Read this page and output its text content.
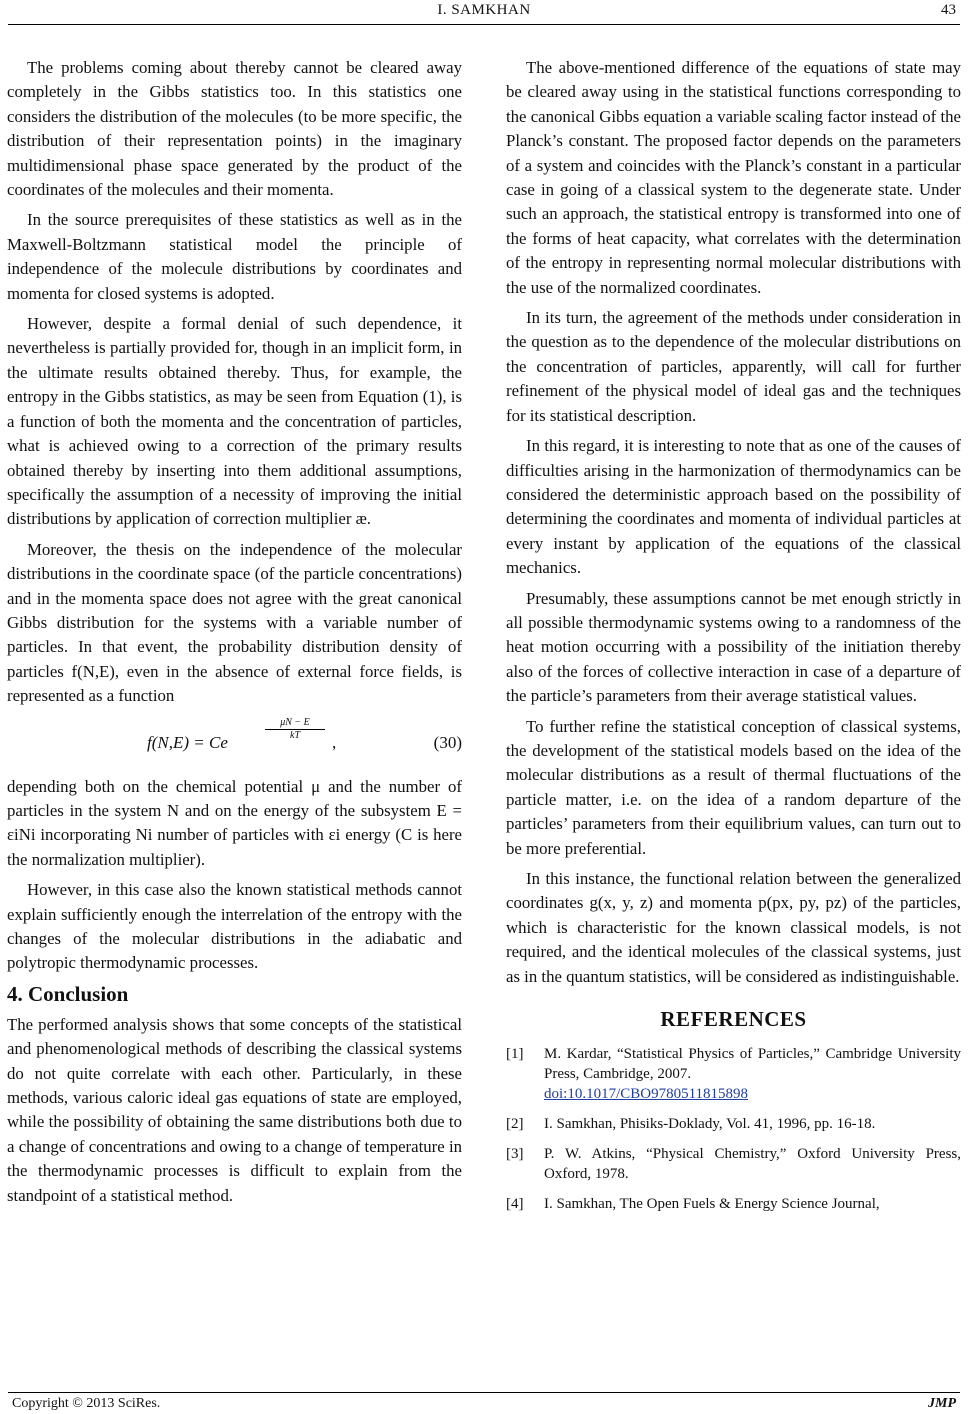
I. SAMKHAN	43

The problems coming about thereby cannot be cleared away completely in the Gibbs statistics too. In this statistics one considers the distribution of the molecules (to be more specific, the distribution of their representation points) in the imaginary multidimensional phase space generated by the product of the coordinates of the molecules and their momenta.

In the source prerequisites of these statistics as well as in the Maxwell-Boltzmann statistical model the principle of independence of the molecule distributions by coordinates and momenta for closed systems is adopted.

However, despite a formal denial of such dependence, it nevertheless is partially provided for, though in an implicit form, in the ultimate results obtained thereby. Thus, for example, the entropy in the Gibbs statistics, as may be seen from Equation (1), is a function of both the momenta and the concentration of particles, what is achieved owing to a correction of the primary results obtained thereby by inserting into them additional assumptions, specifically the assumption of a necessity of improving the initial distributions by application of correction multiplier æ.

Moreover, the thesis on the independence of the molecular distributions in the coordinate space (of the particle concentrations) and in the momenta space does not agree with the great canonical Gibbs distribution for the systems with a variable number of particles. In that event, the probability distribution density of particles f(N,E), even in the absence of external force fields, is represented as a function

f(N,E) = Ce
$\frac{\mu N - E}{kT}$
,	(30)

depending both on the chemical potential μ and the number of particles in the system N and on the energy of the subsystem E = εiNi incorporating Ni number of particles with εi energy (C is here the normalization multiplier).

However, in this case also the known statistical methods cannot explain sufficiently enough the interrelation of the entropy with the changes of the molecular distributions in the adiabatic and polytropic thermodynamic processes.

4. Conclusion

The performed analysis shows that some concepts of the statistical and phenomenological methods of describing the classical systems do not quite correlate with each other. Particularly, in these methods, various caloric ideal gas equations of state are employed, while the possibility of obtaining the same distributions both due to a change of concentrations and owing to a change of temperature in the thermodynamic processes is difficult to explain from the standpoint of a statistical method.

The above-mentioned difference of the equations of state may be cleared away using in the statistical functions corresponding to the canonical Gibbs equation a variable scaling factor instead of the Planck’s constant. The proposed factor depends on the parameters of a system and coincides with the Planck’s constant in a particular case in going of a classical system to the degenerate state. Under such an approach, the statistical entropy is transformed into one of the forms of heat capacity, what correlates with the determination of the entropy in representing normal molecular distributions with the use of the normalized coordinates.

In its turn, the agreement of the methods under consideration in the question as to the dependence of the molecular distributions on the concentration of particles, apparently, will call for further refinement of the physical model of ideal gas and the techniques for its statistical description.

In this regard, it is interesting to note that as one of the causes of difficulties arising in the harmonization of thermodynamics can be considered the deterministic approach based on the possibility of determining the coordinates and momenta of individual particles at every instant by application of the equations of the classical mechanics.

Presumably, these assumptions cannot be met enough strictly in all possible thermodynamic systems owing to a randomness of the heat motion occurring with a possibility of the initiation thereby also of the forces of collective interaction in case of a departure of the particle’s parameters from their average statistical values.

To further refine the statistical conception of classical systems, the development of the statistical models based on the idea of the molecular distributions as a result of thermal fluctuations of the particle matter, i.e. on the idea of a random departure of the particles’ parameters from their equilibrium values, can turn out to be more preferential.

In this instance, the functional relation between the generalized coordinates g(x, y, z) and momenta p(px, py, pz) of the particles, which is characteristic for the known classical models, is not required, and the identical molecules of the classical systems, just as in the quantum statistics, will be considered as indistinguishable.

REFERENCES
[1] M. Kardar, “Statistical Physics of Particles,” Cambridge University Press, Cambridge, 2007.
doi:10.1017/CBO9780511815898
[2] I. Samkhan, Phisiks-Doklady, Vol. 41, 1996, pp. 16-18.
[3] P. W. Atkins, “Physical Chemistry,” Oxford University Press, Oxford, 1978.
[4] I. Samkhan, The Open Fuels & Energy Science Journal,
Copyright © 2013 SciRes.	JMP
